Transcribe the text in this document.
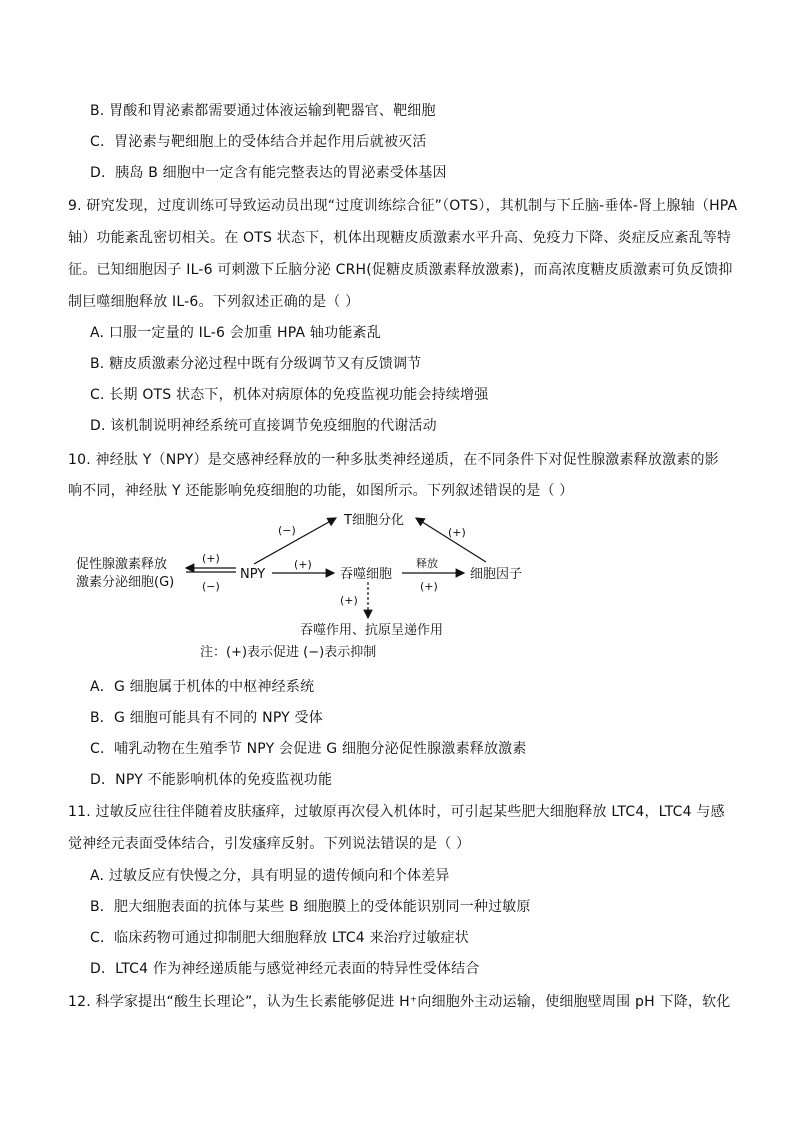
B. 胃酸和胃泌素都需要通过体液运输到靶器官、靶细胞
C．胃泌素与靶细胞上的受体结合并起作用后就被灭活
D．胰岛 B 细胞中一定含有能完整表达的胃泌素受体基因
9. 研究发现，过度训练可导致运动员出现“过度训练综合征”（OTS），其机制与下丘脑-垂体-肾上腺轴（HPA
轴）功能紊乱密切相关。在 OTS 状态下，机体出现糖皮质激素水平升高、免疫力下降、炎症反应紊乱等特
征。已知细胞因子 IL-6 可刺激下丘脑分泌 CRH(促糖皮质激素释放激素)，而高浓度糖皮质激素可负反馈抑
制巨噬细胞释放 IL-6。下列叙述正确的是（ ）
A. 口服一定量的 IL-6 会加重 HPA 轴功能紊乱
B. 糖皮质激素分泌过程中既有分级调节又有反馈调节
C. 长期 OTS 状态下，机体对病原体的免疫监视功能会持续增强
D. 该机制说明神经系统可直接调节免疫细胞的代谢活动
10. 神经肽 Y（NPY）是交感神经释放的一种多肽类神经递质，在不同条件下对促性腺激素释放激素的影
响不同，神经肽 Y 还能影响免疫细胞的功能，如图所示。下列叙述错误的是（ ）
T细胞分化
促性腺激素释放
激素分泌细胞(G)
NPY	吞噬细胞	细胞因子
吞噬作用、抗原呈递作用
注：(+)表示促进 (−)表示抑制
(+)
(−)
(−)
(+)	释放
(+)
(+)
(+)
A．G 细胞属于机体的中枢神经系统
B．G 细胞可能具有不同的 NPY 受体
C．哺乳动物在生殖季节 NPY 会促进 G 细胞分泌促性腺激素释放激素
D．NPY 不能影响机体的免疫监视功能
11. 过敏反应往往伴随着皮肤瘙痒，过敏原再次侵入机体时，可引起某些肥大细胞释放 LTC4，LTC4 与感
觉神经元表面受体结合，引发瘙痒反射。下列说法错误的是（ ）
A. 过敏反应有快慢之分，具有明显的遗传倾向和个体差异
B．肥大细胞表面的抗体与某些 B 细胞膜上的受体能识别同一种过敏原
C．临床药物可通过抑制肥大细胞释放 LTC4 来治疗过敏症状
D．LTC4 作为神经递质能与感觉神经元表面的特异性受体结合
12. 科学家提出“酸生长理论”，认为生长素能够促进 H⁺向细胞外主动运输，使细胞壁周围 pH 下降，软化
